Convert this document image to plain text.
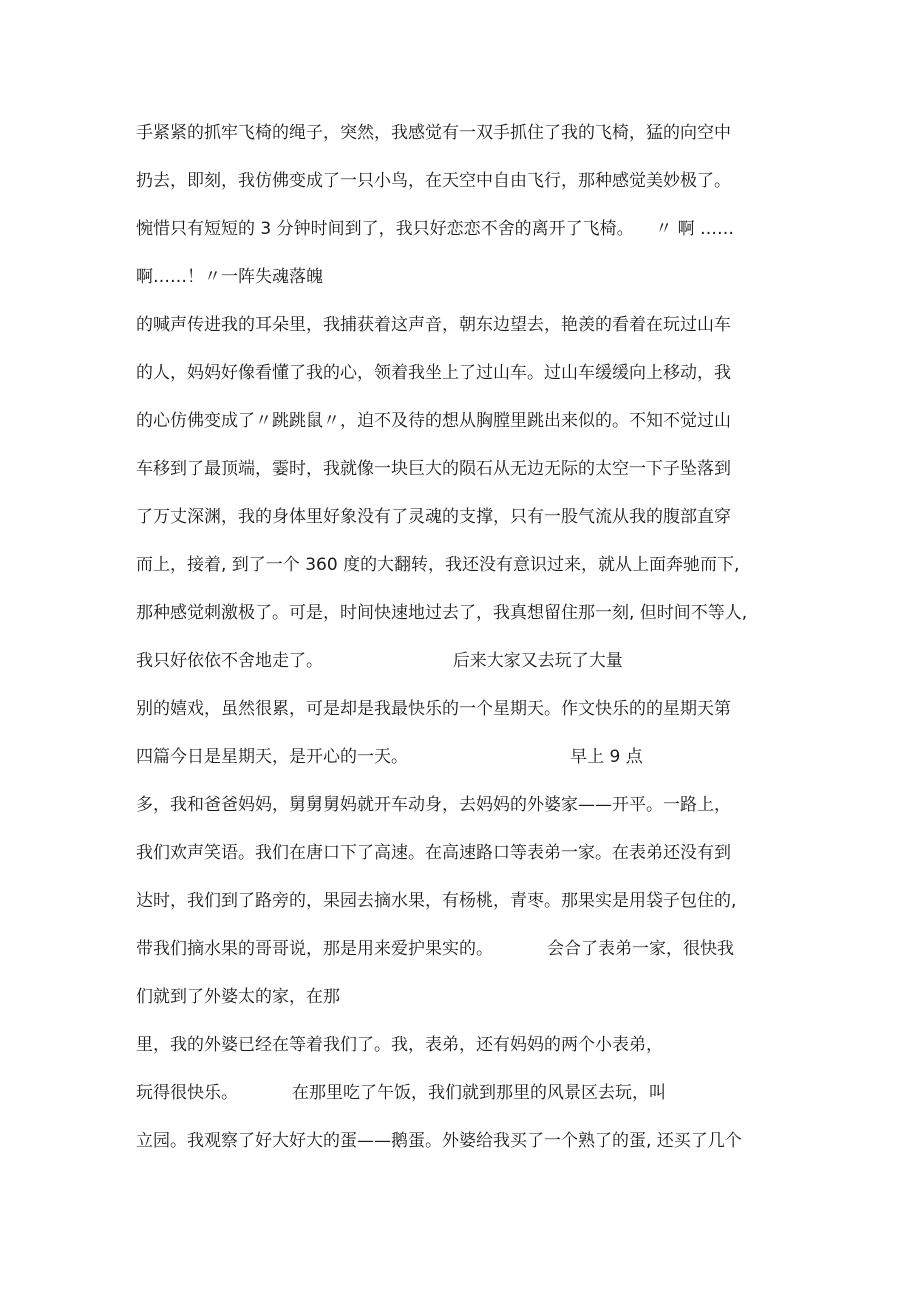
手紧紧的抓牢飞椅的绳子，突然，我感觉有一双手抓住了我的飞椅，猛的向空中

扔去，即刻，我仿佛变成了一只小鸟，在天空中自由飞行，那种感觉美妙极了。

惋惜只有短短的 3 分钟时间到了，我只好恋恋不舍的离开了飞椅。    〃 啊 ……

啊……！〃一阵失魂落魄

的喊声传进我的耳朵里，我捕获着这声音，朝东边望去，艳羡的看着在玩过山车

的人，妈妈好像看懂了我的心，领着我坐上了过山车。过山车缓缓向上移动，我

的心仿佛变成了〃跳跳鼠〃，迫不及待的想从胸膛里跳出来似的。不知不觉过山

车移到了最顶端，霎时，我就像一块巨大的陨石从无边无际的太空一下子坠落到

了万丈深渊，我的身体里好象没有了灵魂的支撑，只有一股气流从我的腹部直穿

而上，接着, 到了一个 360 度的大翻转，我还没有意识过来，就从上面奔驰而下,

那种感觉刺激极了。可是，时间快速地过去了，我真想留住那一刻, 但时间不等人,

我只好依依不舍地走了。                        后来大家又去玩了大量

别的嬉戏，虽然很累，可是却是我最快乐的一个星期天。作文快乐的的星期天第

四篇今日是星期天，是开心的一天。                              早上 9 点

多，我和爸爸妈妈，舅舅舅妈就开车动身，去妈妈的外婆家——开平。一路上，

我们欢声笑语。我们在唐口下了高速。在高速路口等表弟一家。在表弟还没有到

达时，我们到了路旁的，果园去摘水果，有杨桃，青枣。那果实是用袋子包住的,

带我们摘水果的哥哥说，那是用来爱护果实的。          会合了表弟一家，很快我

们就到了外婆太的家，在那

里，我的外婆已经在等着我们了。我，表弟，还有妈妈的两个小表弟，

玩得很快乐。          在那里吃了午饭，我们就到那里的风景区去玩，叫

立园。我观察了好大好大的蛋——鹅蛋。外婆给我买了一个熟了的蛋, 还买了几个
